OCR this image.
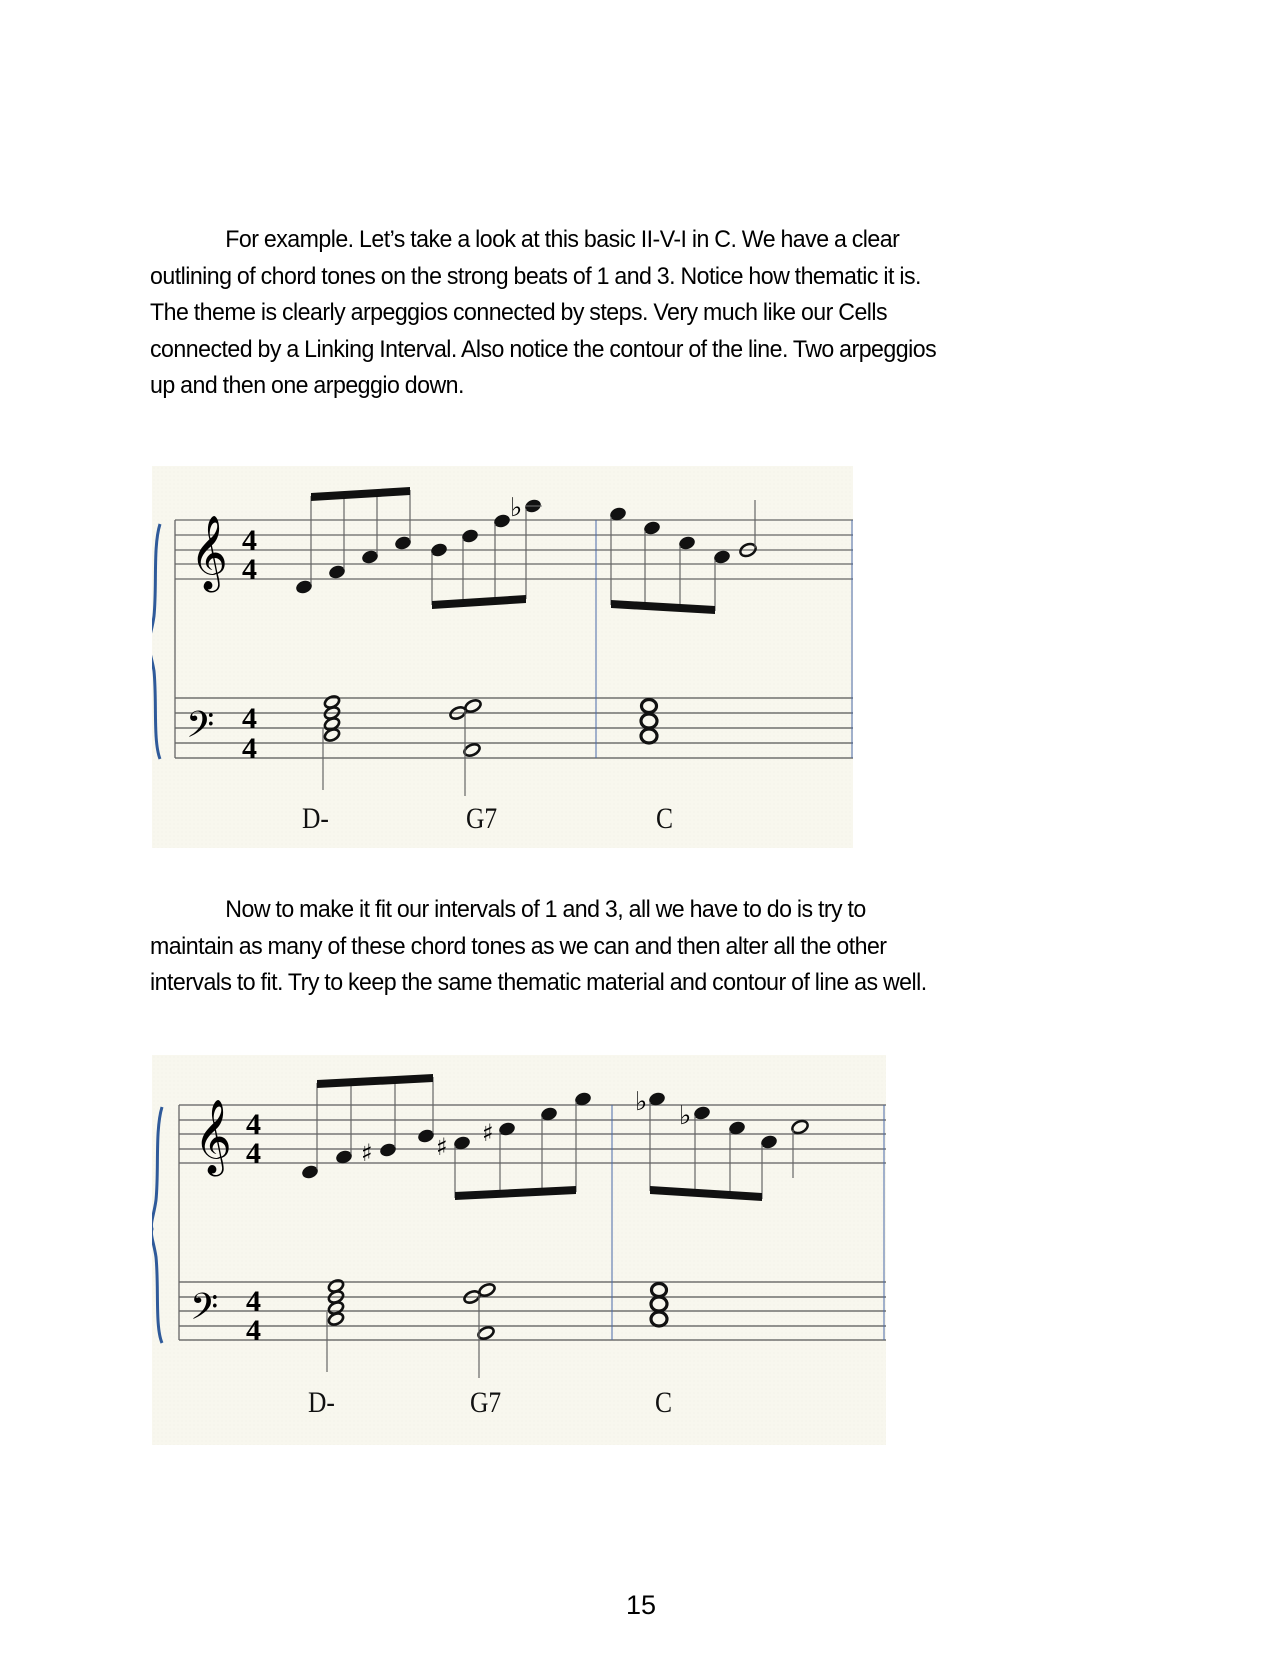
For example. Let’s take a look at this basic II-V-I in C. We have a clear
outlining of chord tones on the strong beats of 1 and 3. Notice how thematic it is.
The theme is clearly arpeggios connected by steps. Very much like our Cells
connected by a Linking Interval. Also notice the contour of the line. Two arpeggios
up and then one arpeggio down.
𝄞 4
4
𝄢 4
4
♭
D-	G7	C
Now to make it fit our intervals of 1 and 3, all we have to do is try to
maintain as many of these chord tones as we can and then alter all the other
intervals to fit. Try to keep the same thematic material and contour of line as well.
𝄞 4
4
𝄢 4
4
♯	♯ ♯
♭ ♭
D-	G7	C
15
